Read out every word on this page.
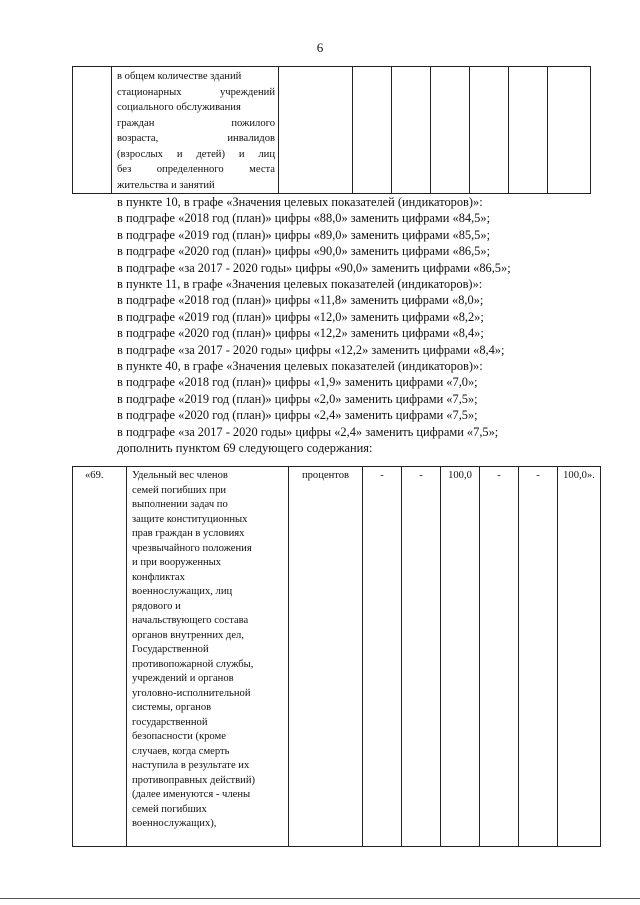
6

в общем количестве зданий
стационарных учреждений
социального обслуживания
граждан пожилого
возраста, инвалидов
(взрослых и детей) и лиц
без определенного места
жительства и занятий

в пункте 10, в графе «Значения целевых показателей (индикаторов)»:
в подграфе «2018 год (план)» цифры «88,0» заменить цифрами «84,5»;
в подграфе «2019 год (план)» цифры «89,0» заменить цифрами «85,5»;
в подграфе «2020 год (план)» цифры «90,0» заменить цифрами «86,5»;
в подграфе «за 2017 - 2020 годы» цифры «90,0» заменить цифрами «86,5»;
в пункте 11, в графе «Значения целевых показателей (индикаторов)»:
в подграфе «2018 год (план)» цифры «11,8» заменить цифрами «8,0»;
в подграфе «2019 год (план)» цифры «12,0» заменить цифрами «8,2»;
в подграфе «2020 год (план)» цифры «12,2» заменить цифрами «8,4»;
в подграфе «за 2017 - 2020 годы» цифры «12,2» заменить цифрами «8,4»;
в пункте 40, в графе «Значения целевых показателей (индикаторов)»:
в подграфе «2018 год (план)» цифры «1,9» заменить цифрами «7,0»;
в подграфе «2019 год (план)» цифры «2,0» заменить цифрами «7,5»;
в подграфе «2020 год (план)» цифры «2,4» заменить цифрами «7,5»;
в подграфе «за 2017 - 2020 годы» цифры «2,4» заменить цифрами «7,5»;
дополнить пунктом 69 следующего содержания:
«69.	Удельный вес членов
семей погибших при
выполнении задач по
защите конституционных
прав граждан в условиях
чрезвычайного положения
и при вооруженных
конфликтах
военнослужащих, лиц
рядового и
начальствующего состава
органов внутренних дел,
Государственной
противопожарной службы,
учреждений и органов
уголовно-исполнительной
системы, органов
государственной
безопасности (кроме
случаев, когда смерть
наступила в результате их
противоправных действий)
(далее именуются - члены
семей погибших
военнослужащих),
	процентов	-	-	100,0	-	-	100,0».
